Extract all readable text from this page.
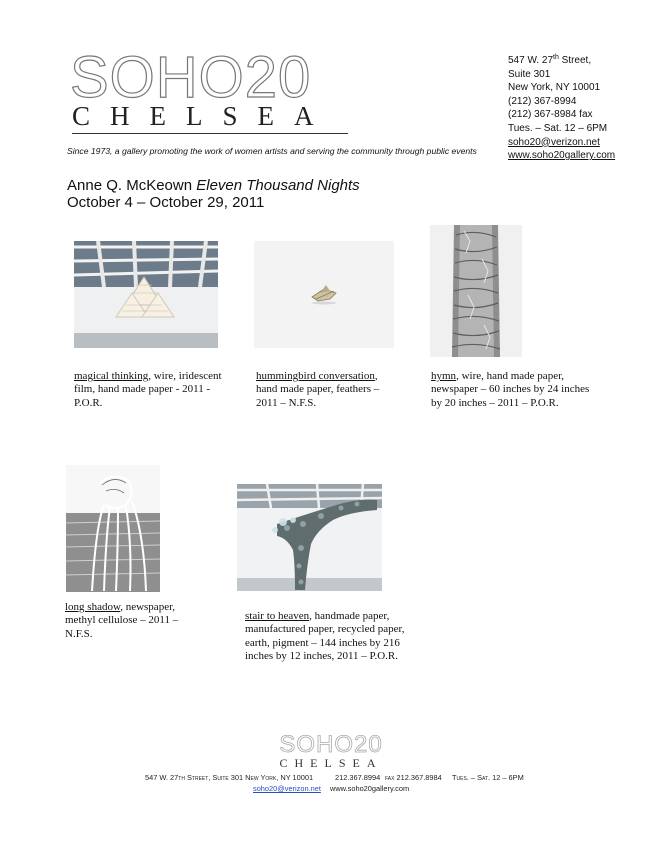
SOHO20
CHELSEA
547 W. 27th Street,
Suite 301
New York, NY 10001
(212) 367-8994
(212) 367-8984 fax
Tues. – Sat. 12 – 6PM
soho20@verizon.net
www.soho20gallery.com
Since 1973, a gallery promoting the work of women artists and serving the community through public events
Anne Q. McKeown Eleven Thousand Nights
October 4 – October 29, 2011
magical thinking, wire, iridescent film, hand made paper - 2011 - P.O.R.
hummingbird conversation, hand made paper, feathers – 2011 – N.F.S.
hymn, wire, hand made paper, newspaper – 60 inches by 24 inches by 20 inches – 2011 – P.O.R.
long shadow, newspaper, methyl cellulose – 2011 – N.F.S.
stair to heaven, handmade paper, manufactured paper, recycled paper, earth, pigment – 144 inches by 216 inches by 12 inches, 2011 – P.O.R.
SOHO20
CHELSEA
547 W. 27th Street, Suite 301 New York, NY 10001	212.367.8994 fax 212.367.8984 Tues. – Sat. 12 – 6PM
soho20@verizon.net www.soho20gallery.com
